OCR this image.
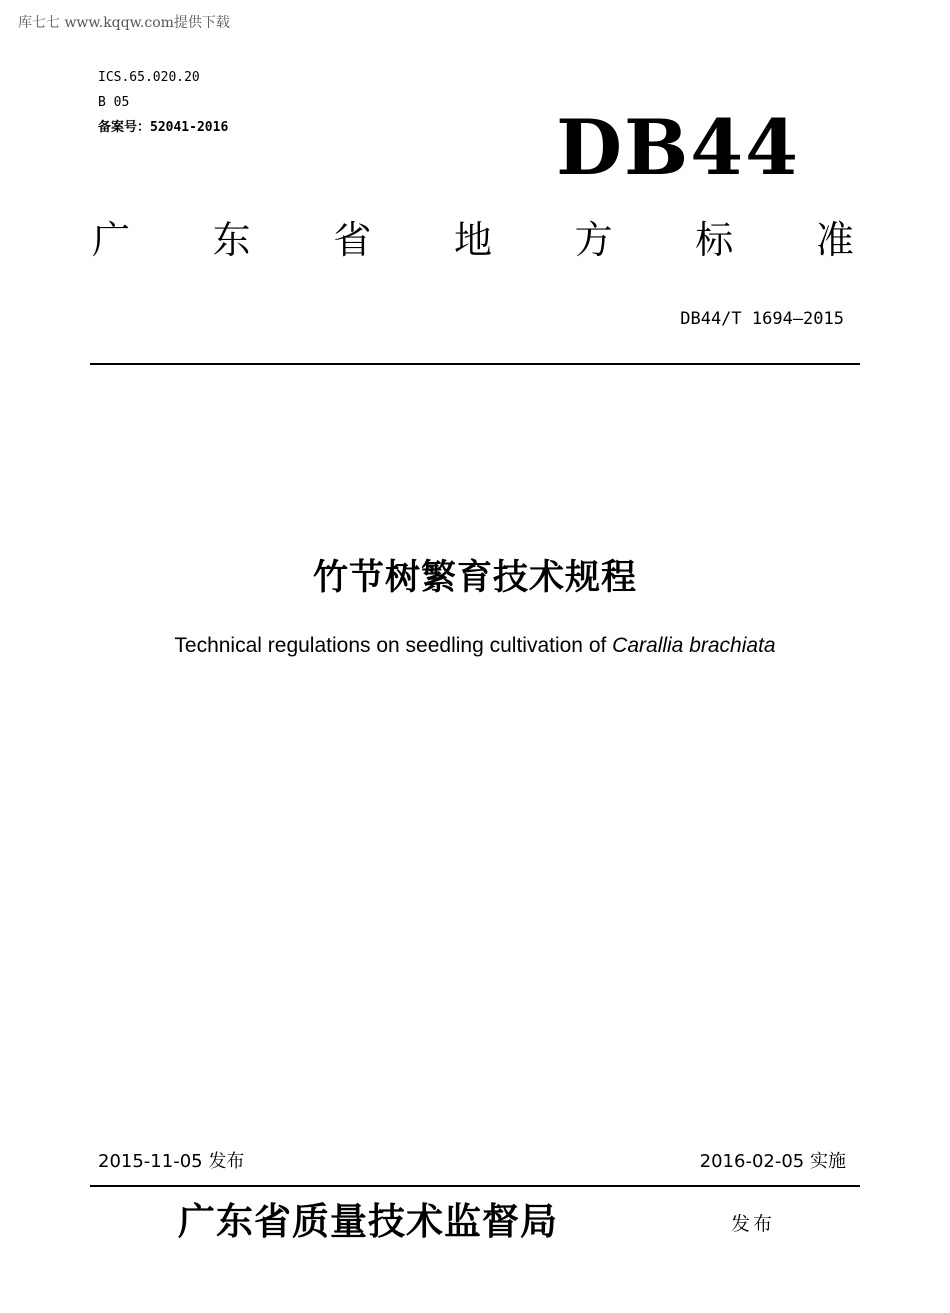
库七七 www.kqqw.com提供下载
ICS.65.020.20
B 05
备案号：52041-2016	DB44
广 东 省 地 方 标 准
DB44/T 1694—2015
竹节树繁育技术规程
Technical regulations on seedling cultivation of Carallia brachiata
2015-11-05 发布	2016-02-05 实施
广东省质量技术监督局	发布
